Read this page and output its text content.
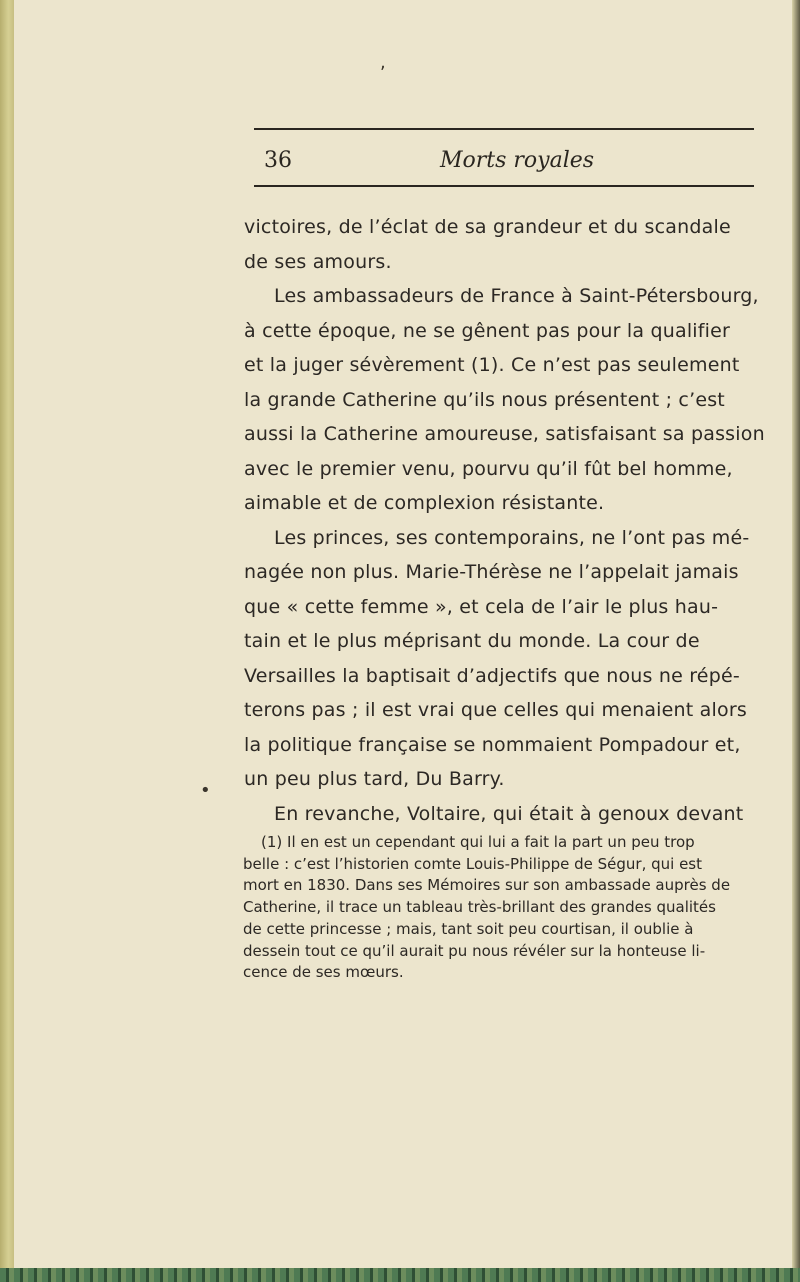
36	Morts royales
victoires, de l’éclat de sa grandeur et du scandale
de ses amours.
Les ambassadeurs de France à Saint-Pétersbourg,
à cette époque, ne se gênent pas pour la qualifier
et la juger sévèrement (1). Ce n’est pas seulement
la grande Catherine qu’ils nous présentent ; c’est
aussi la Catherine amoureuse, satisfaisant sa passion
avec le premier venu, pourvu qu’il fût bel homme,
aimable et de complexion résistante.
Les princes, ses contemporains, ne l’ont pas mé-
nagée non plus. Marie-Thérèse ne l’appelait jamais
que « cette femme », et cela de l’air le plus hau-
tain et le plus méprisant du monde. La cour de
Versailles la baptisait d’adjectifs que nous ne répé-
terons pas ; il est vrai que celles qui menaient alors
la politique française se nommaient Pompadour et,
un peu plus tard, Du Barry.
En revanche, Voltaire, qui était à genoux devant
(1) Il en est un cependant qui lui a fait la part un peu trop
belle : c’est l’historien comte Louis-Philippe de Ségur, qui est
mort en 1830. Dans ses Mémoires sur son ambassade auprès de
Catherine, il trace un tableau très-brillant des grandes qualités
de cette princesse ; mais, tant soit peu courtisan, il oublie à
dessein tout ce qu’il aurait pu nous révéler sur la honteuse li-
cence de ses mœurs.
,
•
